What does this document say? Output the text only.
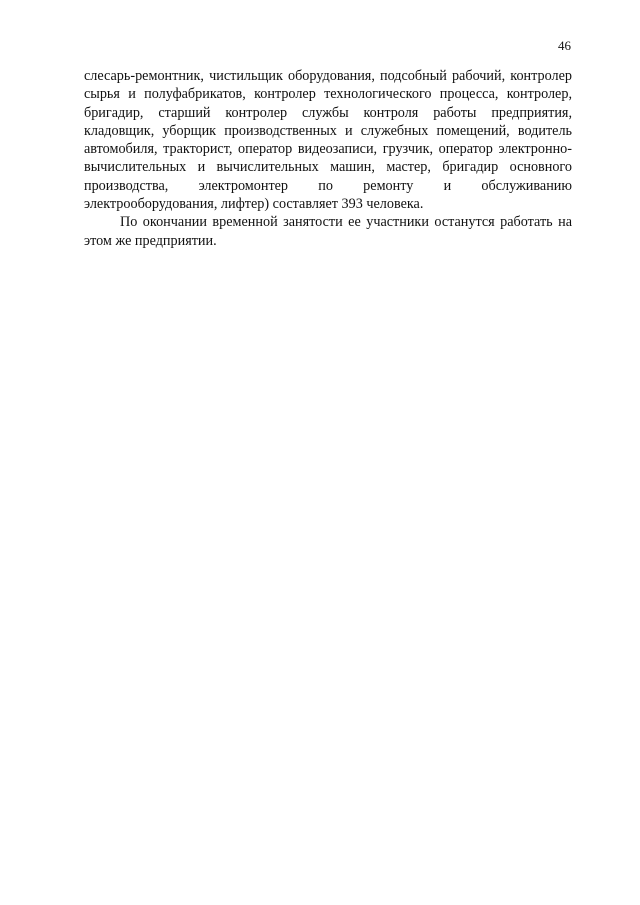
46

слесарь-ремонтник, чистильщик оборудования, подсобный рабочий, контролер сырья и полуфабрикатов, контролер технологического процесса, контролер, бригадир, старший контролер службы контроля работы предприятия, кладовщик, уборщик производственных и служебных помещений, водитель автомобиля, тракторист, оператор видеозаписи, грузчик, оператор электронно-вычислительных и вычислительных машин, мастер, бригадир основного производства, электромонтер по ремонту и обслуживанию электрооборудования, лифтер) составляет 393 человека.

По окончании временной занятости ее участники останутся работать на этом же предприятии.
